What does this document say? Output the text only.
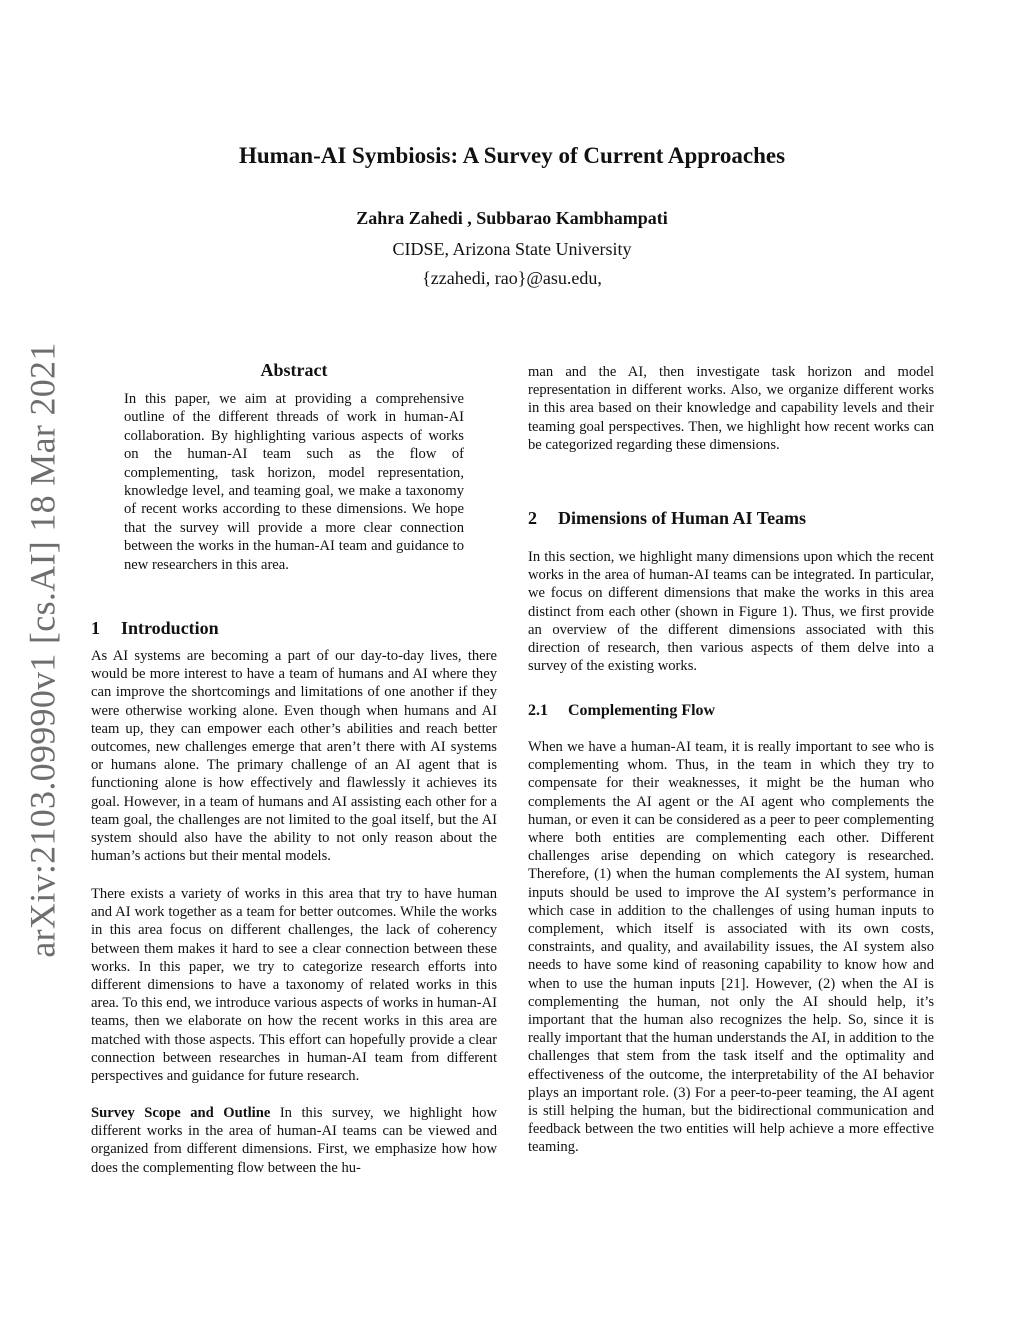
arXiv:2103.09990v1 [cs.AI] 18 Mar 2021
Human-AI Symbiosis: A Survey of Current Approaches
Zahra Zahedi , Subbarao Kambhampati
CIDSE, Arizona State University
{zzahedi, rao}@asu.edu,
Abstract

In this paper, we aim at providing a comprehensive outline of the different threads of work in human-AI collaboration. By highlighting various aspects of works on the human-AI team such as the flow of complementing, task horizon, model representation, knowledge level, and teaming goal, we make a taxonomy of recent works according to these dimensions. We hope that the survey will provide a more clear connection between the works in the human-AI team and guidance to new researchers in this area.

1 Introduction

As AI systems are becoming a part of our day-to-day lives, there would be more interest to have a team of humans and AI where they can improve the shortcomings and limitations of one another if they were otherwise working alone. Even though when humans and AI team up, they can empower each other’s abilities and reach better outcomes, new challenges emerge that aren’t there with AI systems or humans alone. The primary challenge of an AI agent that is functioning alone is how effectively and flawlessly it achieves its goal. However, in a team of humans and AI assisting each other for a team goal, the challenges are not limited to the goal itself, but the AI system should also have the ability to not only reason about the human’s actions but their mental models.

There exists a variety of works in this area that try to have human and AI work together as a team for better outcomes. While the works in this area focus on different challenges, the lack of coherency between them makes it hard to see a clear connection between these works. In this paper, we try to categorize research efforts into different dimensions to have a taxonomy of related works in this area. To this end, we introduce various aspects of works in human-AI teams, then we elaborate on how the recent works in this area are matched with those aspects. This effort can hopefully provide a clear connection between researches in human-AI team from different perspectives and guidance for future research.

Survey Scope and Outline In this survey, we highlight how different works in the area of human-AI teams can be viewed and organized from different dimensions. First, we emphasize how how does the complementing flow between the hu-

man and the AI, then investigate task horizon and model representation in different works. Also, we organize different works in this area based on their knowledge and capability levels and their teaming goal perspectives. Then, we highlight how recent works can be categorized regarding these dimensions.

2 Dimensions of Human AI Teams

In this section, we highlight many dimensions upon which the recent works in the area of human-AI teams can be integrated. In particular, we focus on different dimensions that make the works in this area distinct from each other (shown in Figure 1). Thus, we first provide an overview of the different dimensions associated with this direction of research, then various aspects of them delve into a survey of the existing works.

2.1 Complementing Flow

When we have a human-AI team, it is really important to see who is complementing whom. Thus, in the team in which they try to compensate for their weaknesses, it might be the human who complements the AI agent or the AI agent who complements the human, or even it can be considered as a peer to peer complementing where both entities are complementing each other. Different challenges arise depending on which category is researched. Therefore, (1) when the human complements the AI system, human inputs should be used to improve the AI system’s performance in which case in addition to the challenges of using human inputs to complement, which itself is associated with its own costs, constraints, and quality, and availability issues, the AI system also needs to have some kind of reasoning capability to know how and when to use the human inputs [21]. However, (2) when the AI is complementing the human, not only the AI should help, it’s important that the human also recognizes the help. So, since it is really important that the human understands the AI, in addition to the challenges that stem from the task itself and the optimality and effectiveness of the outcome, the interpretability of the AI behavior plays an important role. (3) For a peer-to-peer teaming, the AI agent is still helping the human, but the bidirectional communication and feedback between the two entities will help achieve a more effective teaming.
